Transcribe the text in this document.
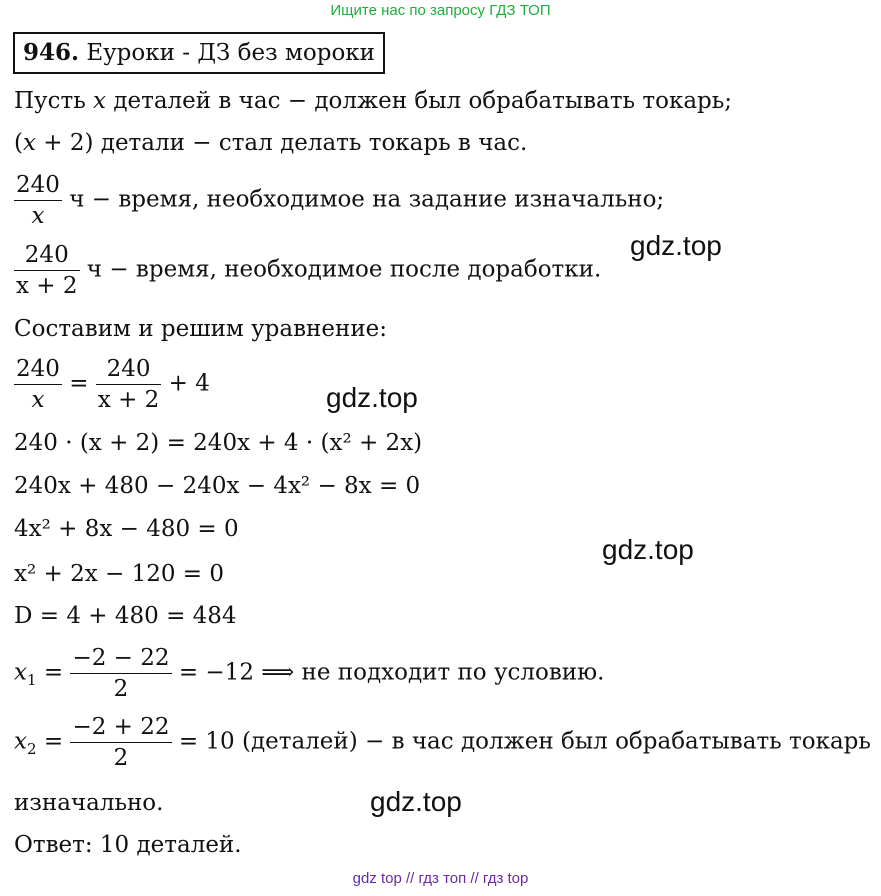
Ищите нас по запросу ГДЗ ТОП
946. Еуроки - ДЗ без мороки
Пусть x деталей в час − должен был обрабатывать токарь;
(x + 2) детали − стал делать токарь в час.
$\frac{240}{x}$ ч − время, необходимое на задание изначально;
$\frac{240}{x + 2}$ ч − время, необходимое после доработки.
Составим и решим уравнение:
$\frac{240}{x} = \frac{240}{x + 2} + 4$
240 · (x + 2) = 240x + 4 · (x² + 2x)
240x + 480 − 240x − 4x² − 8x = 0
4x² + 8x − 480 = 0
x² + 2x − 120 = 0
D = 4 + 480 = 484
$x_1 = \frac{-2 - 22}{2} = -12$ ⟹ не подходит по условию.
$x_2 = \frac{-2 + 22}{2} = 10$ (деталей) − в час должен был обрабатывать токарь
изначально.
Ответ: 10 деталей.
gdz.top
gdz.top
gdz.top
gdz.top
gdz top // гдз топ // гдз top
